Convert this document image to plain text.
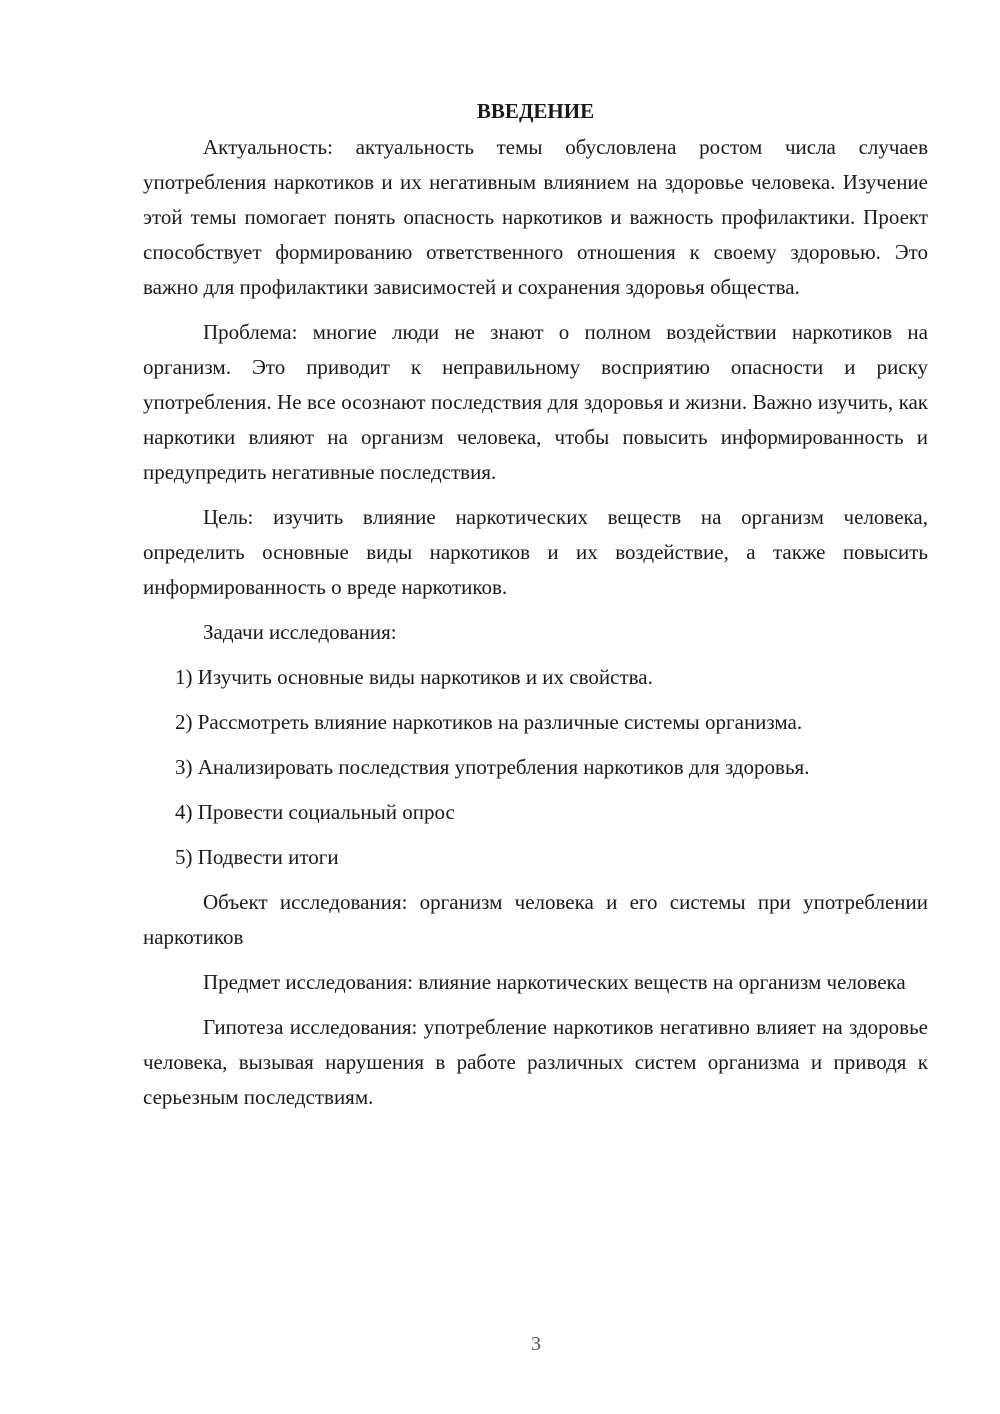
ВВЕДЕНИЕ

Актуальность: актуальность темы обусловлена ростом числа случаев употребления наркотиков и их негативным влиянием на здоровье человека. Изучение этой темы помогает понять опасность наркотиков и важность профилактики. Проект способствует формированию ответственного отношения к своему здоровью. Это важно для профилактики зависимостей и сохранения здоровья общества.

Проблема: многие люди не знают о полном воздействии наркотиков на организм. Это приводит к неправильному восприятию опасности и риску употребления. Не все осознают последствия для здоровья и жизни. Важно изучить, как наркотики влияют на организм человека, чтобы повысить информированность и предупредить негативные последствия.

Цель: изучить влияние наркотических веществ на организм человека, определить основные виды наркотиков и их воздействие, а также повысить информированность о вреде наркотиков.

Задачи исследования:

1) Изучить основные виды наркотиков и их свойства.

2) Рассмотреть влияние наркотиков на различные системы организма.

3) Анализировать последствия употребления наркотиков для здоровья.

4) Провести социальный опрос

5) Подвести итоги

Объект исследования: организм человека и его системы при употреблении наркотиков

Предмет исследования: влияние наркотических веществ на организм человека

Гипотеза исследования: употребление наркотиков негативно влияет на здоровье человека, вызывая нарушения в работе различных систем организма и приводя к серьезным последствиям.

3
